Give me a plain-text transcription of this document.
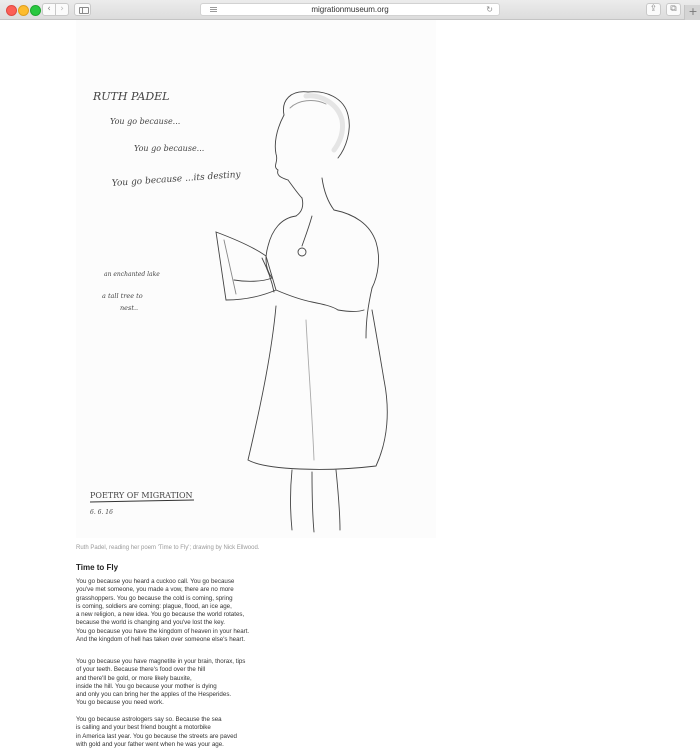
‹	›	migrationmuseum.org	↻	⇪	⧉	+
RUTH PADEL
You go because...
You go because...
You go because ...its destiny
an enchanted lake
a tall tree to
nest..
POETRY OF MIGRATION
6. 6. 16
Ruth Padel, reading her poem 'Time to Fly'; drawing by Nick Ellwood.
Time to Fly
You go because you heard a cuckoo call. You go because
you've met someone, you made a vow, there are no more
grasshoppers. You go because the cold is coming, spring
is coming, soldiers are coming: plague, flood, an ice age,
a new religion, a new idea. You go because the world rotates,
because the world is changing and you've lost the key.
You go because you have the kingdom of heaven in your heart.
And the kingdom of hell has taken over someone else's heart.
You go because you have magnetite in your brain, thorax, tips
of your teeth. Because there's food over the hill
and there'll be gold, or more likely bauxite,
inside the hill. You go because your mother is dying
and only you can bring her the apples of the Hesperides.
You go because you need work.
You go because astrologers say so. Because the sea
is calling and your best friend bought a motorbike
in America last year. You go because the streets are paved
with gold and your father went when he was your age.
